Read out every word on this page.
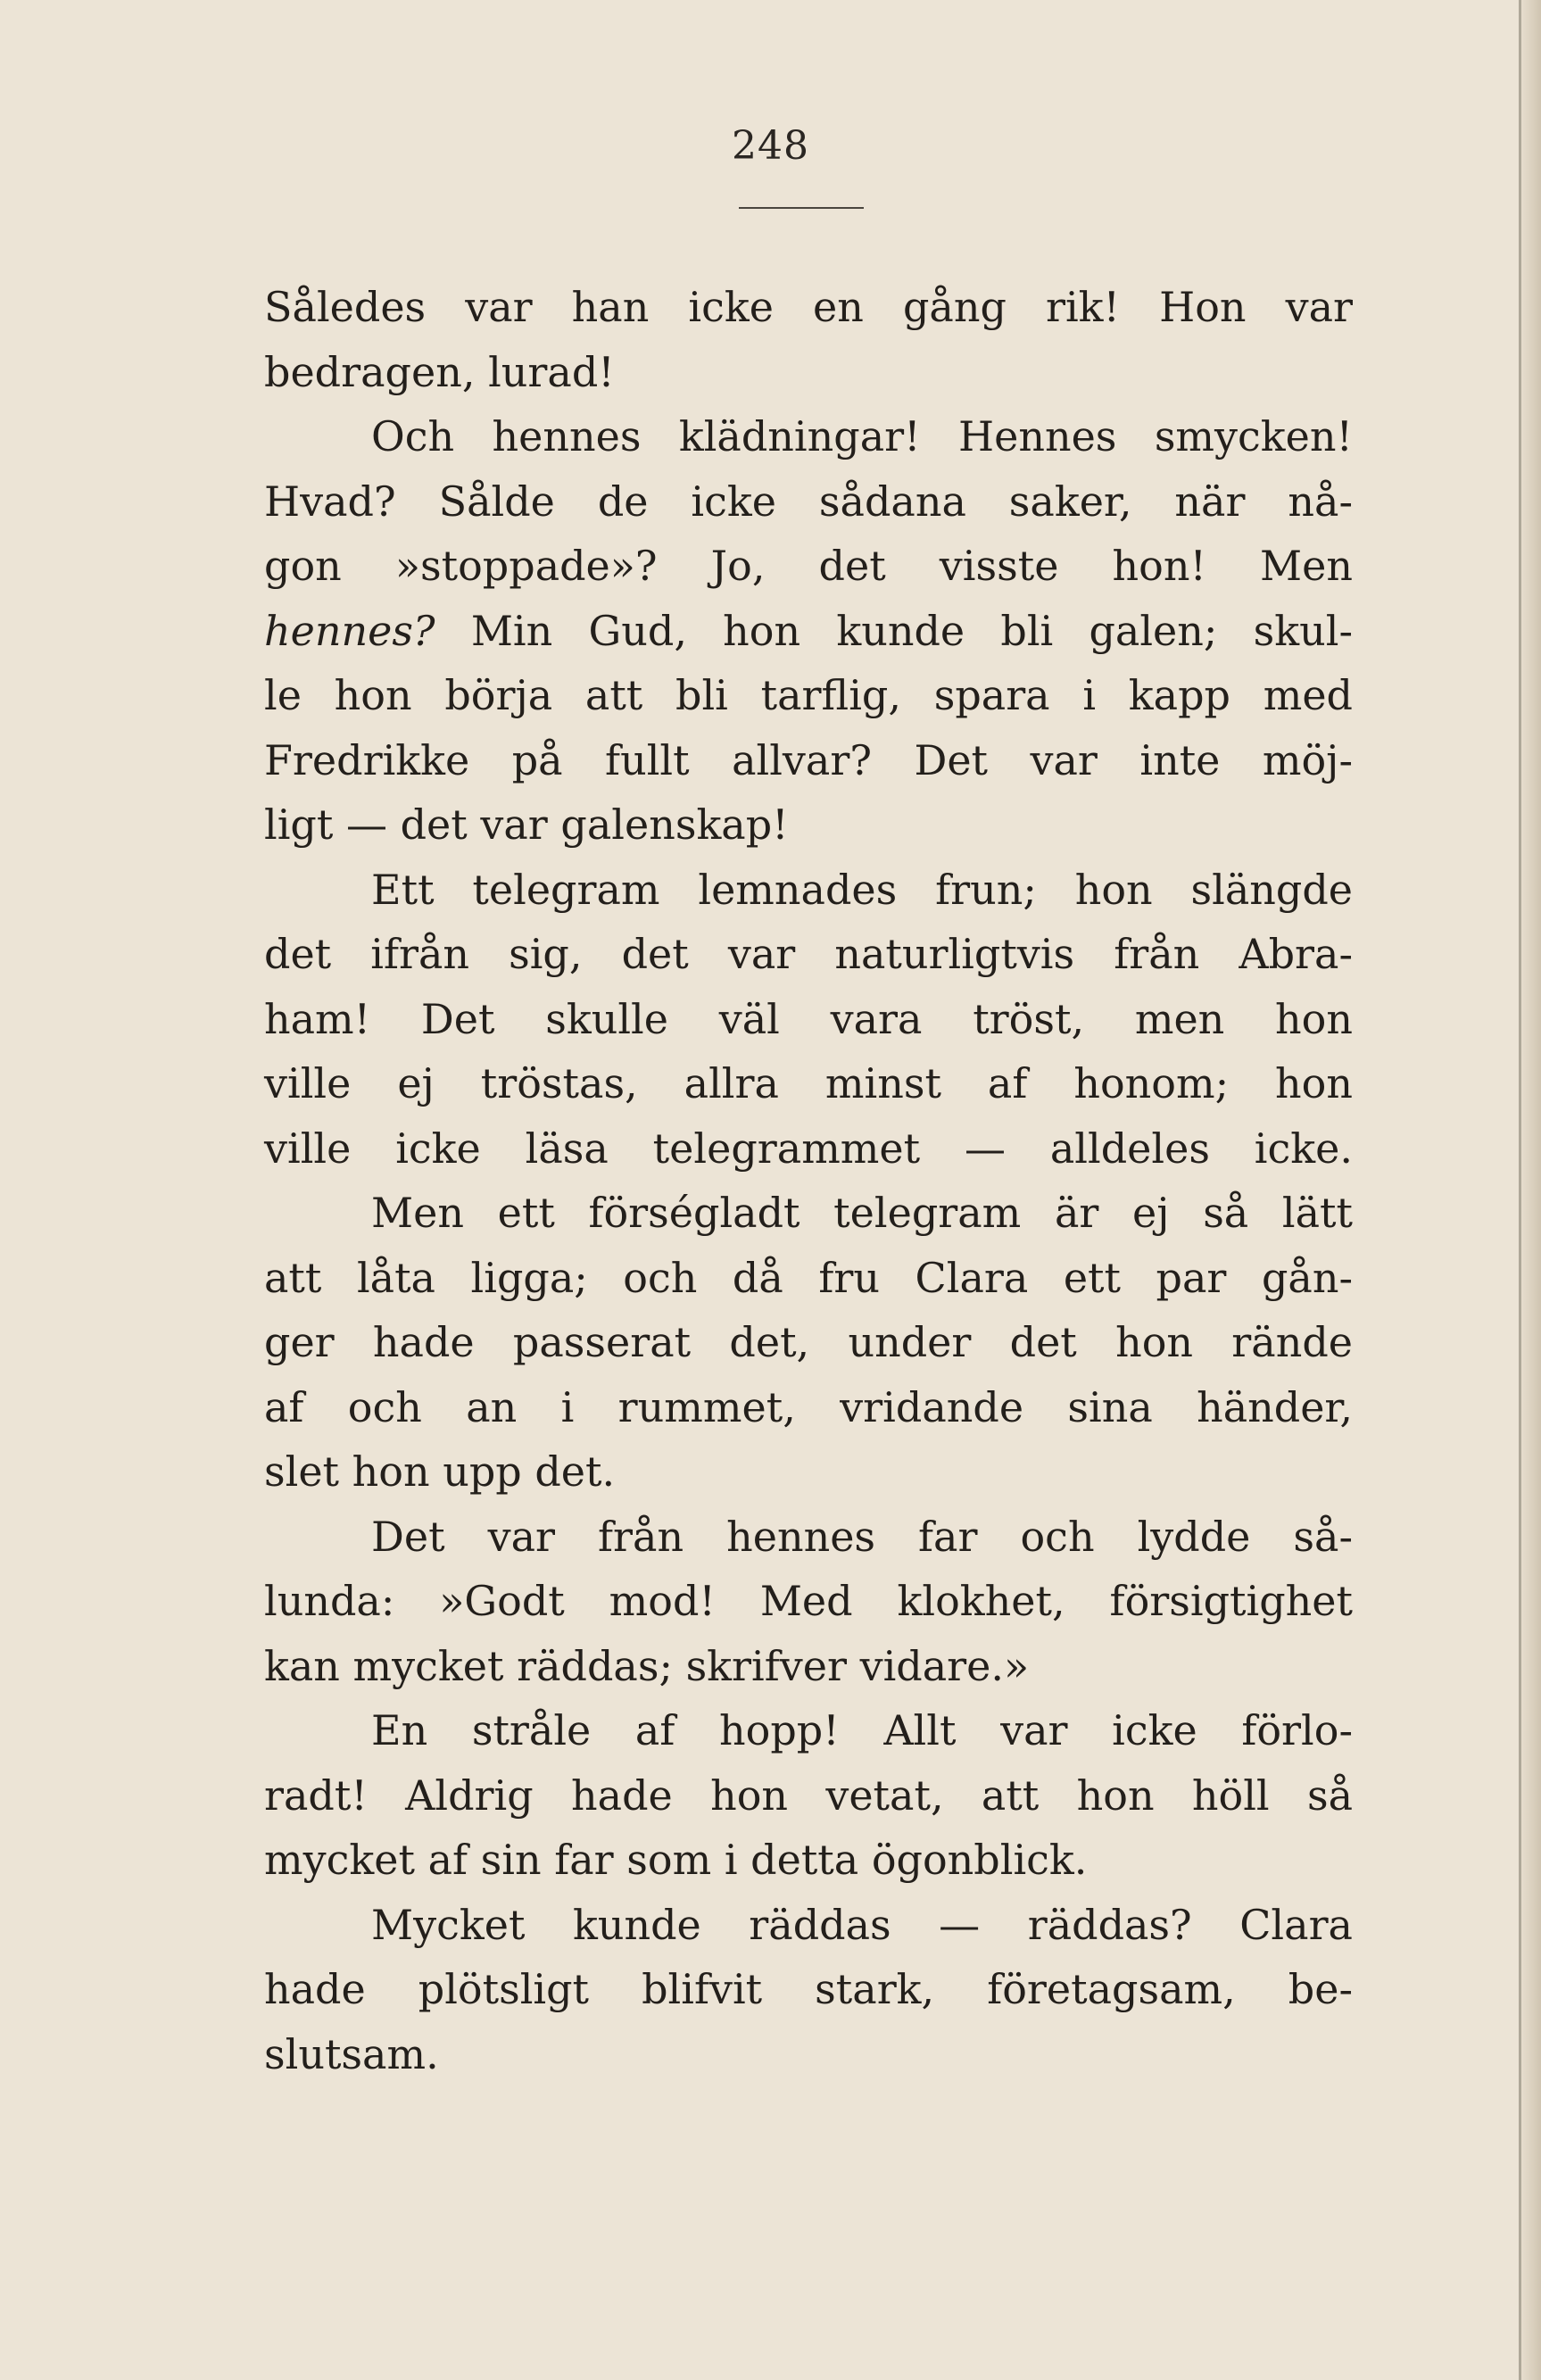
248
Således var han icke en gång rik! Hon var
bedragen, lurad!
Och hennes klädningar! Hennes smycken!
Hvad? Sålde de icke sådana saker, när nå-
gon »stoppade»? Jo, det visste hon! Men
hennes? Min Gud, hon kunde bli galen; skul-
le hon börja att bli tarflig, spara i kapp med
Fredrikke på fullt allvar? Det var inte möj-
ligt — det var galenskap!
Ett telegram lemnades frun; hon slängde
det ifrån sig, det var naturligtvis från Abra-
ham! Det skulle väl vara tröst, men hon
ville ej tröstas, allra minst af honom; hon
ville icke läsa telegrammet — alldeles icke.
Men ett förségladt telegram är ej så lätt
att låta ligga; och då fru Clara ett par gån-
ger hade passerat det, under det hon rände
af och an i rummet, vridande sina händer,
slet hon upp det.
Det var från hennes far och lydde så-
lunda: »Godt mod! Med klokhet, försigtighet
kan mycket räddas; skrifver vidare.»
En stråle af hopp! Allt var icke förlo-
radt! Aldrig hade hon vetat, att hon höll så
mycket af sin far som i detta ögonblick.
Mycket kunde räddas — räddas? Clara
hade plötsligt blifvit stark, företagsam, be-
slutsam.
